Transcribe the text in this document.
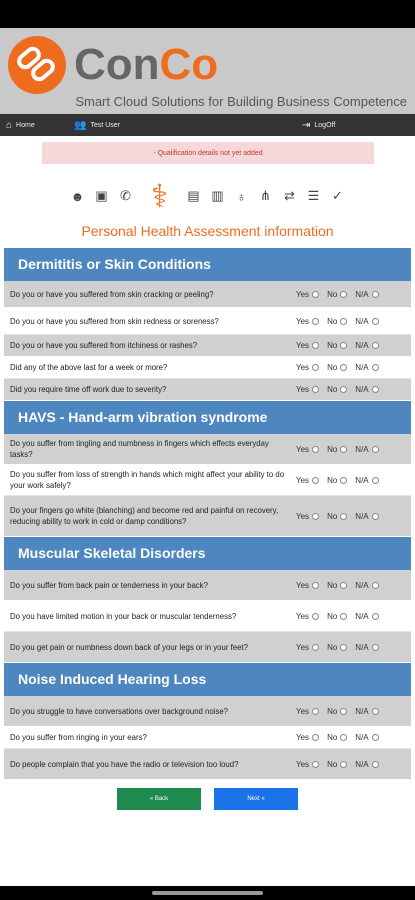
ConCo
Smart Cloud Solutions for Building Business Competence
⌂ Home	👥 Test User	⇥ LogOff
- Qualification details not yet added
☻ ▣ ✆ ⚕	▤ ▥ ♁ ⋔ ⇄ ☰ ✓
Personal Health Assessment information
Dermititis or Skin Conditions
Do you or have you suffered from skin cracking or peeling?	Yes No N/A
Do you or have you suffered from skin redness or soreness?	Yes No N/A
Do you or have you suffered from itchiness or rashes?	Yes No N/A
Did any of the above last for a week or more?	Yes No N/A
Did you require time off work due to severity?	Yes No N/A
HAVS - Hand-arm vibration syndrome
Do you suffer from tingling and numbness in fingers which effects everyday tasks?
Yes No N/A
Do you suffer from loss of strength in hands which might affect your ability to do your work safely?
Yes No N/A
Do your fingers go white (blanching) and become red and painful on recovery, reducing ability to work in cold or damp conditions?
Yes No N/A
Muscular Skeletal Disorders
Do you suffer from back pain or tenderness in your back?	Yes No N/A
Do you have limited motion in your back or muscular tenderness?	Yes No N/A
Do you get pain or numbness down back of your legs or in your feet?	Yes No N/A
Noise Induced Hearing Loss
Do you struggle to have conversations over background noise?	Yes No N/A
Do you suffer from ringing in your ears?	Yes No N/A
Do people complain that you have the radio or television too loud?	Yes No N/A
« Back	Next »
